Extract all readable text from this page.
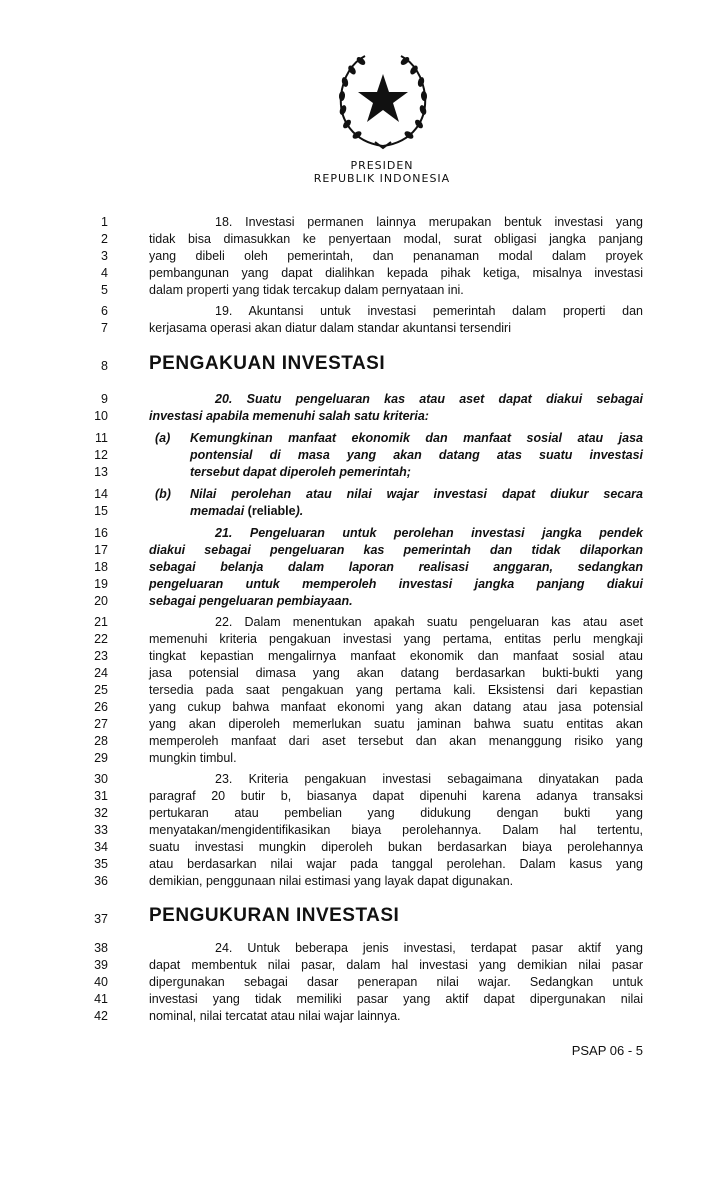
PRESIDEN
REPUBLIK INDONESIA
1
2
3
4
5
6
7
8
9
10
11
12
13
14
15
16
17
18
19
20
21
22
23
24
25
26
27
28
29
30
31
32
33
34
35
36
37
38
39
40
41
42
18. Investasi permanen lainnya merupakan bentuk investasi yang
tidak bisa dimasukkan ke penyertaan modal, surat obligasi jangka panjang
yang dibeli oleh pemerintah, dan penanaman modal dalam proyek
pembangunan yang dapat dialihkan kepada pihak ketiga, misalnya investasi
dalam properti yang tidak tercakup dalam pernyataan ini.
19. Akuntansi untuk investasi pemerintah dalam properti dan
kerjasama operasi akan diatur dalam standar akuntansi tersendiri
PENGAKUAN INVESTASI
20. Suatu pengeluaran kas atau aset dapat diakui sebagai
investasi apabila memenuhi salah satu kriteria:
(a) Kemungkinan manfaat ekonomik dan manfaat sosial atau jasa
pontensial di masa yang akan datang atas suatu investasi
tersebut dapat diperoleh pemerintah;
(b) Nilai perolehan atau nilai wajar investasi dapat diukur secara
memadai (reliable).
21. Pengeluaran untuk perolehan investasi jangka pendek
diakui sebagai pengeluaran kas pemerintah dan tidak dilaporkan
sebagai belanja dalam laporan realisasi anggaran, sedangkan
pengeluaran untuk memperoleh investasi jangka panjang diakui
sebagai pengeluaran pembiayaan.
22. Dalam menentukan apakah suatu pengeluaran kas atau aset
memenuhi kriteria pengakuan investasi yang pertama, entitas perlu mengkaji
tingkat kepastian mengalirnya manfaat ekonomik dan manfaat sosial atau
jasa potensial dimasa yang akan datang berdasarkan bukti-bukti yang
tersedia pada saat pengakuan yang pertama kali. Eksistensi dari kepastian
yang cukup bahwa manfaat ekonomi yang akan datang atau jasa potensial
yang akan diperoleh memerlukan suatu jaminan bahwa suatu entitas akan
memperoleh manfaat dari aset tersebut dan akan menanggung risiko yang
mungkin timbul.
23. Kriteria pengakuan investasi sebagaimana dinyatakan pada
paragraf 20 butir b, biasanya dapat dipenuhi karena adanya transaksi
pertukaran atau pembelian yang didukung dengan bukti yang
menyatakan/mengidentifikasikan biaya perolehannya. Dalam hal tertentu,
suatu investasi mungkin diperoleh bukan berdasarkan biaya perolehannya
atau berdasarkan nilai wajar pada tanggal perolehan. Dalam kasus yang
demikian, penggunaan nilai estimasi yang layak dapat digunakan.
PENGUKURAN INVESTASI
24. Untuk beberapa jenis investasi, terdapat pasar aktif yang
dapat membentuk nilai pasar, dalam hal investasi yang demikian nilai pasar
dipergunakan sebagai dasar penerapan nilai wajar. Sedangkan untuk
investasi yang tidak memiliki pasar yang aktif dapat dipergunakan nilai
nominal, nilai tercatat atau nilai wajar lainnya.
PSAP 06 - 5
